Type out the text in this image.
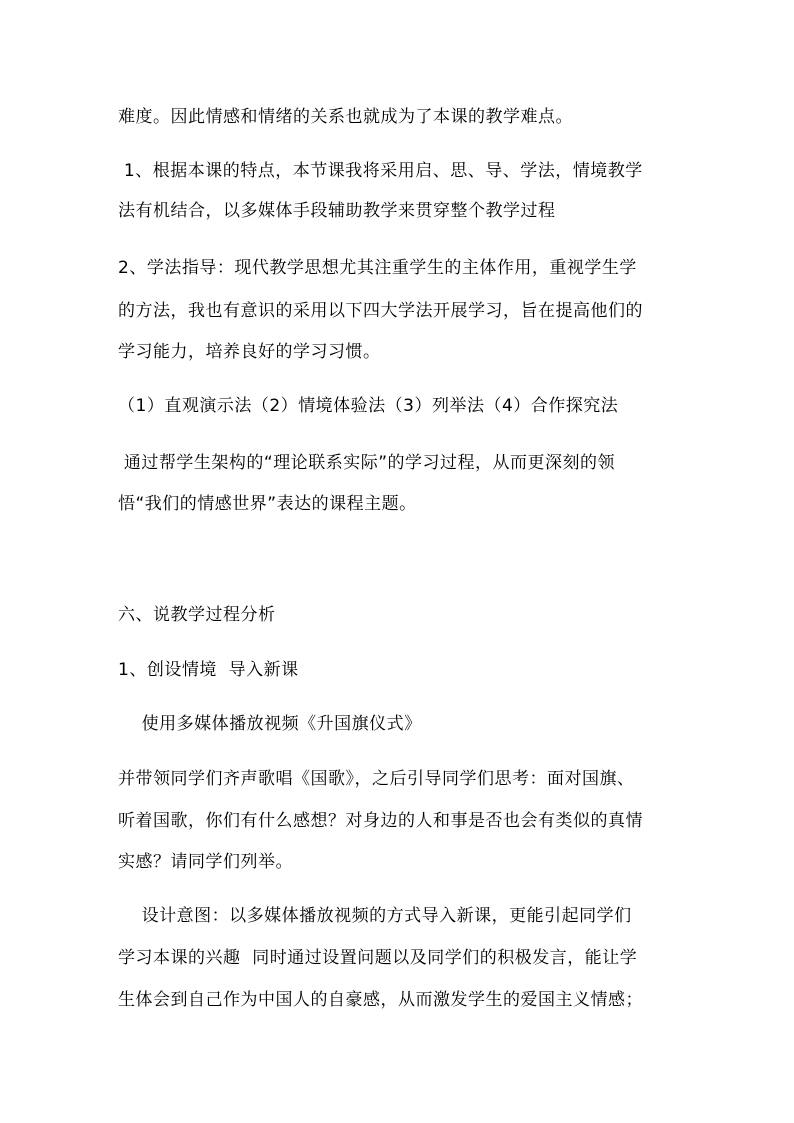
难度。因此情感和情绪的关系也就成为了本课的教学难点。
1、根据本课的特点，本节课我将采用启、思、导、学法，情境教学
法有机结合，以多媒体手段辅助教学来贯穿整个教学过程
2、学法指导：现代教学思想尤其注重学生的主体作用，重视学生学
的方法，我也有意识的采用以下四大学法开展学习，旨在提高他们的
学习能力，培养良好的学习习惯。
（1）直观演示法（2）情境体验法（3）列举法（4）合作探究法
通过帮学生架构的“理论联系实际”的学习过程，从而更深刻的领
悟“我们的情感世界”表达的课程主题。
六、说教学过程分析
1、创设情境  导入新课
使用多媒体播放视频《升国旗仪式》
并带领同学们齐声歌唱《国歌》，之后引导同学们思考：面对国旗、
听着国歌，你们有什么感想？对身边的人和事是否也会有类似的真情
实感？请同学们列举。
设计意图：以多媒体播放视频的方式导入新课，更能引起同学们
学习本课的兴趣  同时通过设置问题以及同学们的积极发言，能让学
生体会到自己作为中国人的自豪感，从而激发学生的爱国主义情感；
